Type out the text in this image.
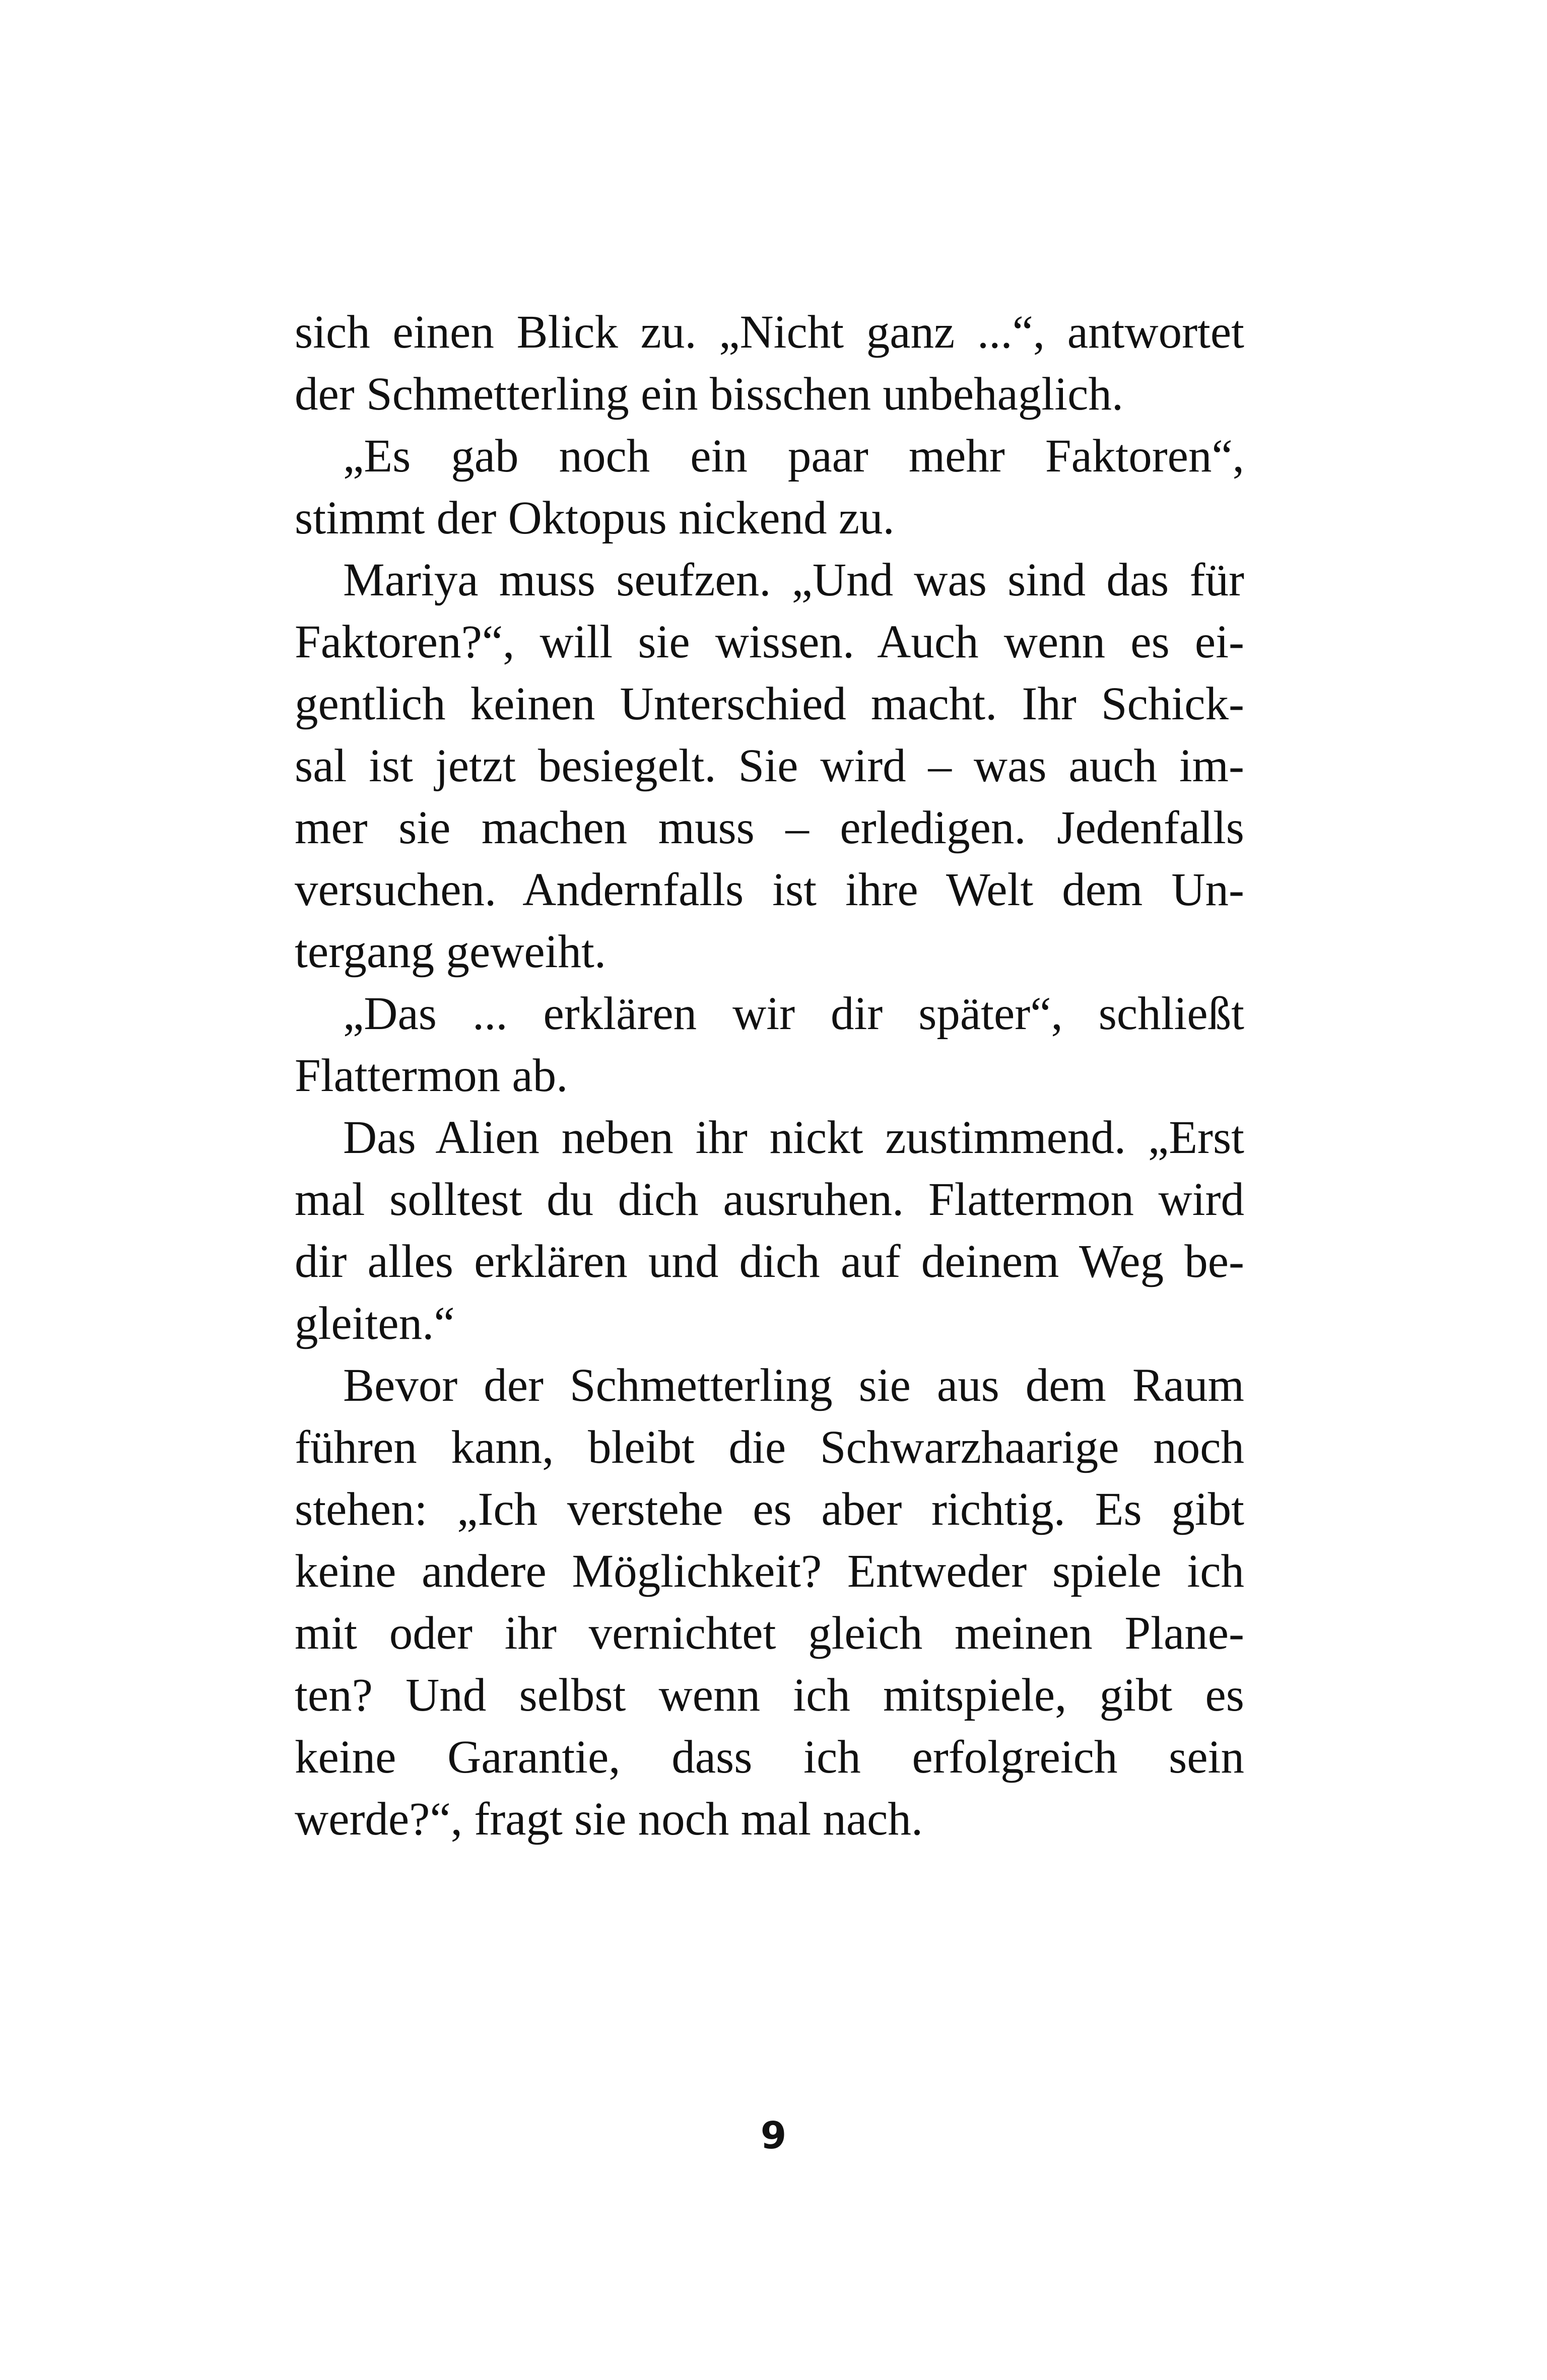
sich einen Blick zu. „Nicht ganz ...“, antwortet
der Schmetterling ein bisschen unbehaglich.
„Es gab noch ein paar mehr Faktoren“,
stimmt der Oktopus nickend zu.
Mariya muss seufzen. „Und was sind das für
Faktoren?“, will sie wissen. Auch wenn es ei-
gentlich keinen Unterschied macht. Ihr Schick-
sal ist jetzt besiegelt. Sie wird – was auch im-
mer sie machen muss – erledigen. Jedenfalls
versuchen. Andernfalls ist ihre Welt dem Un-
tergang geweiht.
„Das ... erklären wir dir später“, schließt
Flattermon ab.
Das Alien neben ihr nickt zustimmend. „Erst
mal solltest du dich ausruhen. Flattermon wird
dir alles erklären und dich auf deinem Weg be-
gleiten.“
Bevor der Schmetterling sie aus dem Raum
führen kann, bleibt die Schwarzhaarige noch
stehen: „Ich verstehe es aber richtig. Es gibt
keine andere Möglichkeit? Entweder spiele ich
mit oder ihr vernichtet gleich meinen Plane-
ten? Und selbst wenn ich mitspiele, gibt es
keine Garantie, dass ich erfolgreich sein
werde?“, fragt sie noch mal nach.
9
